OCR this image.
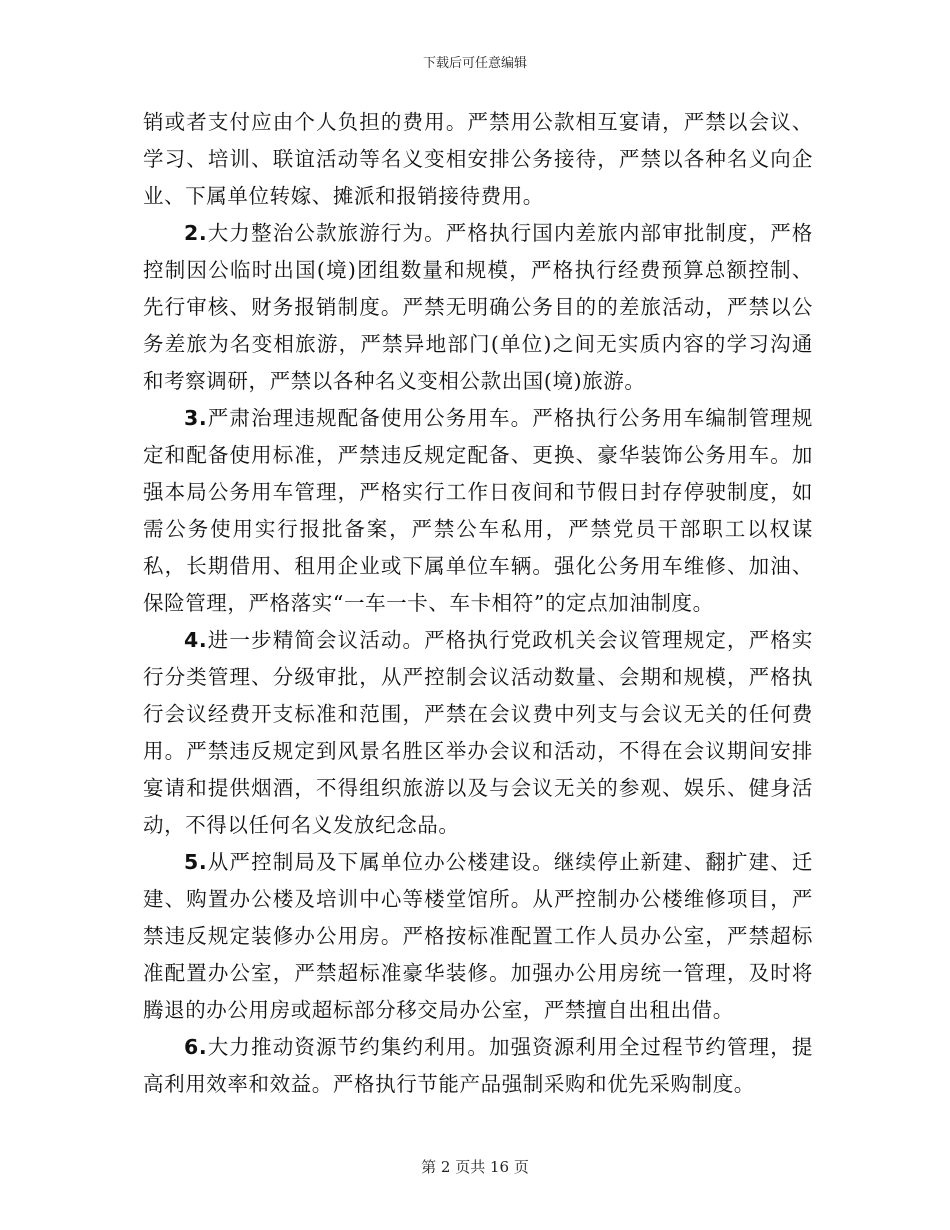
下载后可任意编辑

销或者支付应由个人负担的费用。严禁用公款相互宴请，严禁以会议、学习、培训、联谊活动等名义变相安排公务接待，严禁以各种名义向企业、下属单位转嫁、摊派和报销接待费用。

2.大力整治公款旅游行为。严格执行国内差旅内部审批制度，严格控制因公临时出国(境)团组数量和规模，严格执行经费预算总额控制、先行审核、财务报销制度。严禁无明确公务目的的差旅活动，严禁以公务差旅为名变相旅游，严禁异地部门(单位)之间无实质内容的学习沟通和考察调研，严禁以各种名义变相公款出国(境)旅游。

3.严肃治理违规配备使用公务用车。严格执行公务用车编制管理规定和配备使用标准，严禁违反规定配备、更换、豪华装饰公务用车。加强本局公务用车管理，严格实行工作日夜间和节假日封存停驶制度，如需公务使用实行报批备案，严禁公车私用，严禁党员干部职工以权谋私，长期借用、租用企业或下属单位车辆。强化公务用车维修、加油、保险管理，严格落实“一车一卡、车卡相符”的定点加油制度。

4.进一步精简会议活动。严格执行党政机关会议管理规定，严格实行分类管理、分级审批，从严控制会议活动数量、会期和规模，严格执行会议经费开支标准和范围，严禁在会议费中列支与会议无关的任何费用。严禁违反规定到风景名胜区举办会议和活动，不得在会议期间安排宴请和提供烟酒，不得组织旅游以及与会议无关的参观、娱乐、健身活动，不得以任何名义发放纪念品。

5.从严控制局及下属单位办公楼建设。继续停止新建、翻扩建、迁建、购置办公楼及培训中心等楼堂馆所。从严控制办公楼维修项目，严禁违反规定装修办公用房。严格按标准配置工作人员办公室，严禁超标准配置办公室，严禁超标准豪华装修。加强办公用房统一管理，及时将腾退的办公用房或超标部分移交局办公室，严禁擅自出租出借。

6.大力推动资源节约集约利用。加强资源利用全过程节约管理，提高利用效率和效益。严格执行节能产品强制采购和优先采购制度。

第 2 页共 16 页
